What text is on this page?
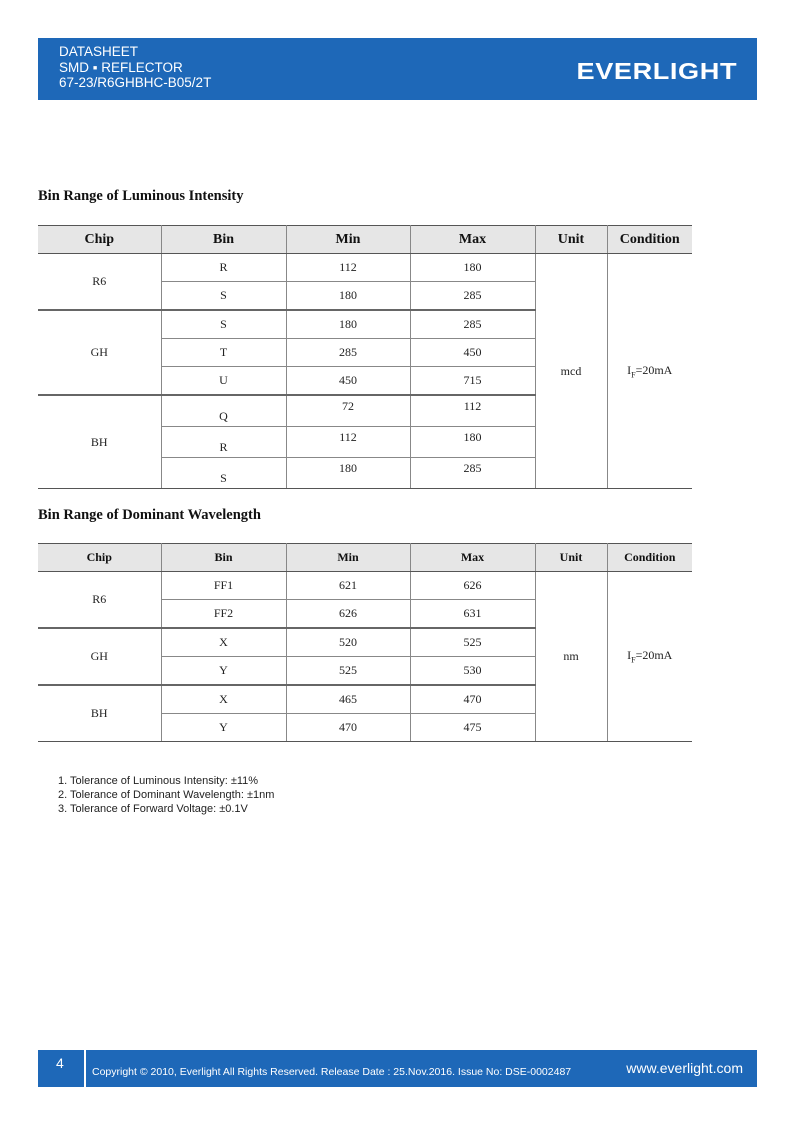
DATASHEET
SMD ▪ REFLECTOR
67-23/R6GHBHC-B05/2T	EVERLIGHT
Bin Range of Luminous Intensity
Chip	Bin	Min	Max	Unit	Condition
R6	R	112	180	mcd	$I_F=20mA$
	S	180	285		
GH	S	180	285		
	T	285	450		
	U	450	715		
BH	Q	72	112		
	R	112	180		
	S	180	285		
Bin Range of Dominant Wavelength
Chip	Bin	Min	Max	Unit	Condition
R6	FF1	621	626	nm	$I_F=20mA$
	FF2	626	631		
GH	X	520	525		
	Y	525	530		
BH	X	465	470		
	Y	470	475		
1. Tolerance of Luminous Intensity: ±11%
2. Tolerance of Dominant Wavelength: ±1nm
3. Tolerance of Forward Voltage: ±0.1V
4
Copyright © 2010, Everlight All Rights Reserved. Release Date : 25.Nov.2016. Issue No: DSE-0002487	www.everlight.com
